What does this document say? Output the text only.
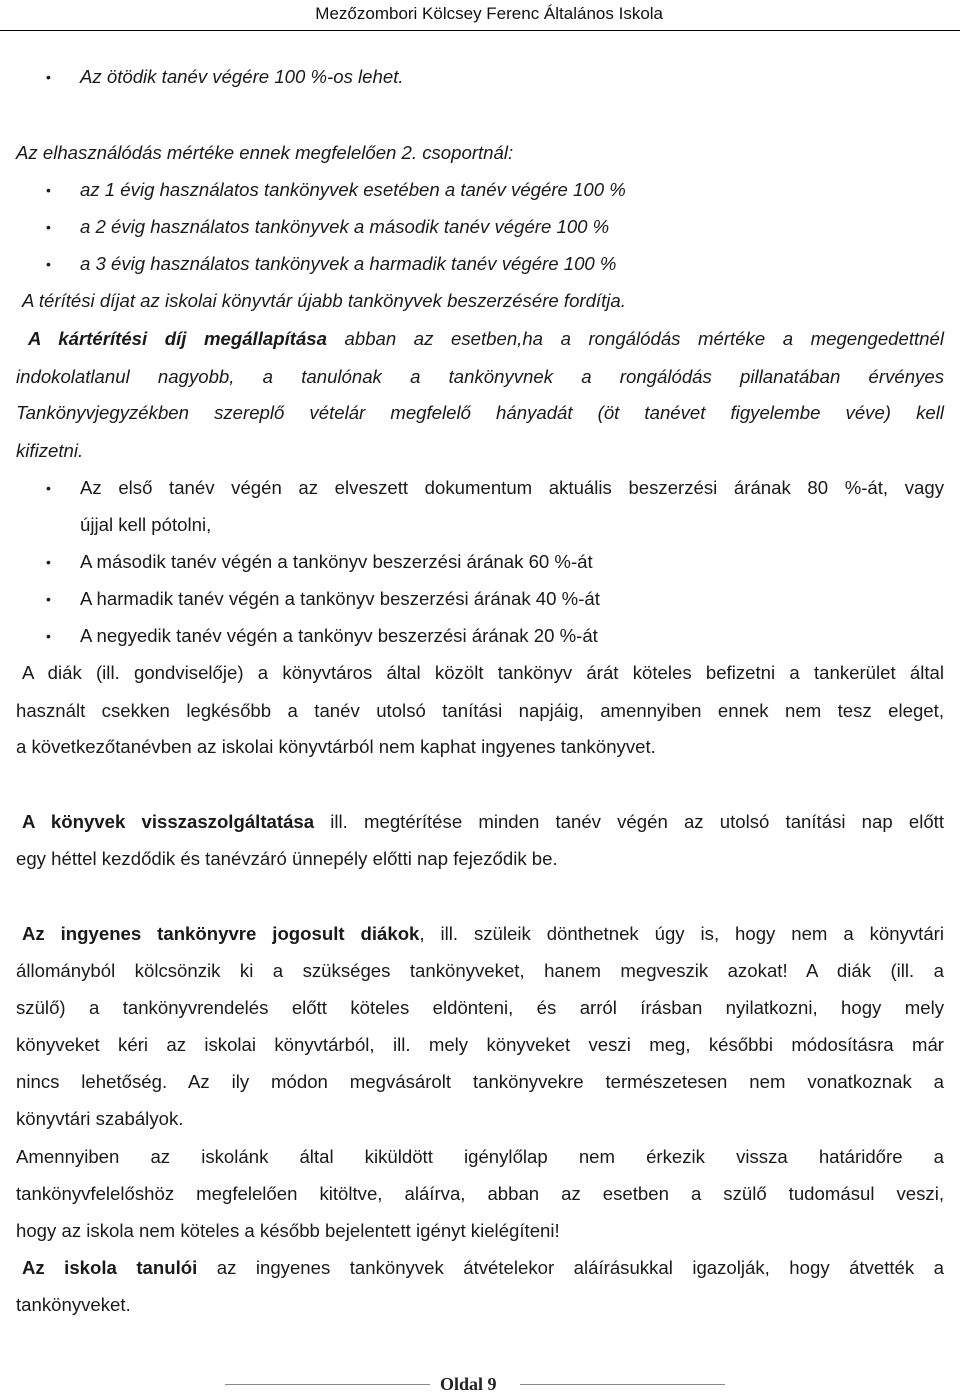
Mezőzombori Kölcsey Ferenc Általános Iskola
• Az ötödik tanév végére 100 %-os lehet.
Az elhasználódás mértéke ennek megfelelően 2. csoportnál:
• az 1 évig használatos tankönyvek esetében a tanév végére 100 %
• a 2 évig használatos tankönyvek a második tanév végére 100 %
• a 3 évig használatos tankönyvek a harmadik tanév végére 100 %
A térítési díjat az iskolai könyvtár újabb tankönyvek beszerzésére fordítja.
A kártérítési díj megállapítása abban az esetben,ha a rongálódás mértéke a megengedettnél
indokolatlanul nagyobb, a tanulónak a tankönyvnek a rongálódás pillanatában érvényes
Tankönyvjegyzékben szereplő vételár megfelelő hányadát (öt tanévet figyelembe véve) kell
kifizetni.
• Az első tanév végén az elveszett dokumentum aktuális beszerzési árának 80 %-át, vagy
újjal kell pótolni,
• A második tanév végén a tankönyv beszerzési árának 60 %-át
• A harmadik tanév végén a tankönyv beszerzési árának 40 %-át
• A negyedik tanév végén a tankönyv beszerzési árának 20 %-át
A diák (ill. gondviselője) a könyvtáros által közölt tankönyv árát köteles befizetni a tankerület által
használt csekken legkésőbb a tanév utolsó tanítási napjáig, amennyiben ennek nem tesz eleget,
a következőtanévben az iskolai könyvtárból nem kaphat ingyenes tankönyvet.
A könyvek visszaszolgáltatása ill. megtérítése minden tanév végén az utolsó tanítási nap előtt
egy héttel kezdődik és tanévzáró ünnepély előtti nap fejeződik be.
Az ingyenes tankönyvre jogosult diákok, ill. szüleik dönthetnek úgy is, hogy nem a könyvtári
állományból kölcsönzik ki a szükséges tankönyveket, hanem megveszik azokat! A diák (ill. a
szülő) a tankönyvrendelés előtt köteles eldönteni, és arról írásban nyilatkozni, hogy mely
könyveket kéri az iskolai könyvtárból, ill. mely könyveket veszi meg, későbbi módosításra már
nincs lehetőség. Az ily módon megvásárolt tankönyvekre természetesen nem vonatkoznak a
könyvtári szabályok.
Amennyiben az iskolánk által kiküldött igénylőlap nem érkezik vissza határidőre a
tankönyvfelelőshöz megfelelően kitöltve, aláírva, abban az esetben a szülő tudomásul veszi,
hogy az iskola nem köteles a később bejelentett igényt kielégíteni!
Az iskola tanulói az ingyenes tankönyvek átvételekor aláírásukkal igazolják, hogy átvették a
tankönyveket.
Oldal 9
